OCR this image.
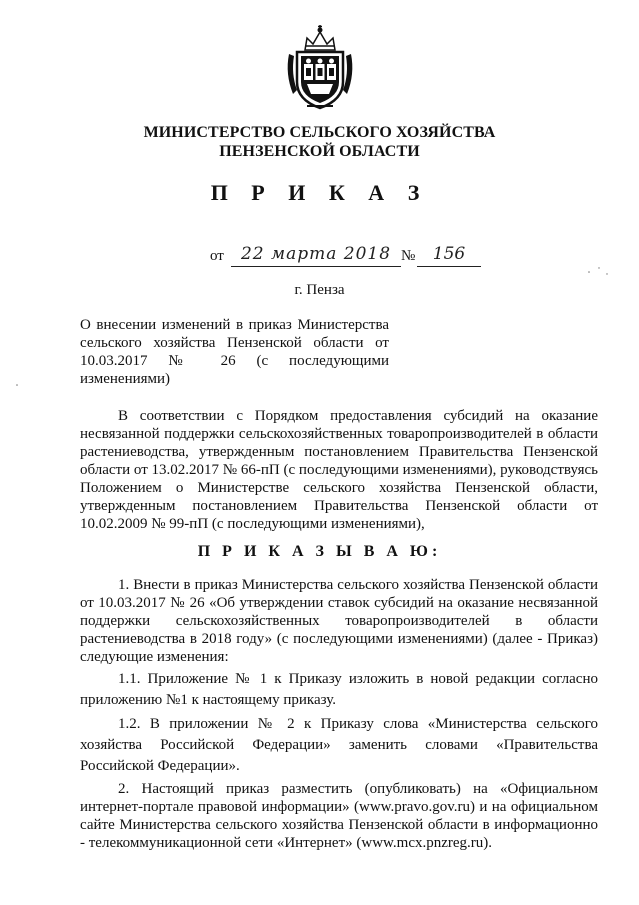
МИНИСТЕРСТВО СЕЛЬСКОГО ХОЗЯЙСТВА
ПЕНЗЕНСКОЙ ОБЛАСТИ
П Р И К А З
от	22 марта 2018 №	156
г. Пенза
О внесении изменений в приказ Министерства сельского хозяйства Пензенской области от 10.03.2017 № 26 (с последующими изменениями)

В соответствии с Порядком предоставления субсидий на оказание несвязанной поддержки сельскохозяйственных товаропроизводителей в области растениеводства, утвержденным постановлением Правительства Пензенской области от 13.02.2017 № 66-пП (с последующими изменениями), руководствуясь Положением о Министерстве сельского хозяйства Пензенской области, утвержденным постановлением Правительства Пензенской области от 10.02.2009 № 99-пП (с последующими изменениями),

П Р И К А З Ы В А Ю:

1. Внести в приказ Министерства сельского хозяйства Пензенской области от 10.03.2017 № 26 «Об утверждении ставок субсидий на оказание несвязанной поддержки сельскохозяйственных товаропроизводителей в области растениеводства в 2018 году» (с последующими изменениями) (далее - Приказ) следующие изменения:

1.1. Приложение № 1 к Приказу изложить в новой редакции согласно приложению №1 к настоящему приказу.

1.2. В приложении № 2 к Приказу слова «Министерства сельского хозяйства Российской Федерации» заменить словами «Правительства Российской Федерации».

2. Настоящий приказ разместить (опубликовать) на «Официальном интернет-портале правовой информации» (www.pravo.gov.ru) и на официальном сайте Министерства сельского хозяйства Пензенской области в информационно - телекоммуникационной сети «Интернет» (www.mcx.pnzreg.ru).
